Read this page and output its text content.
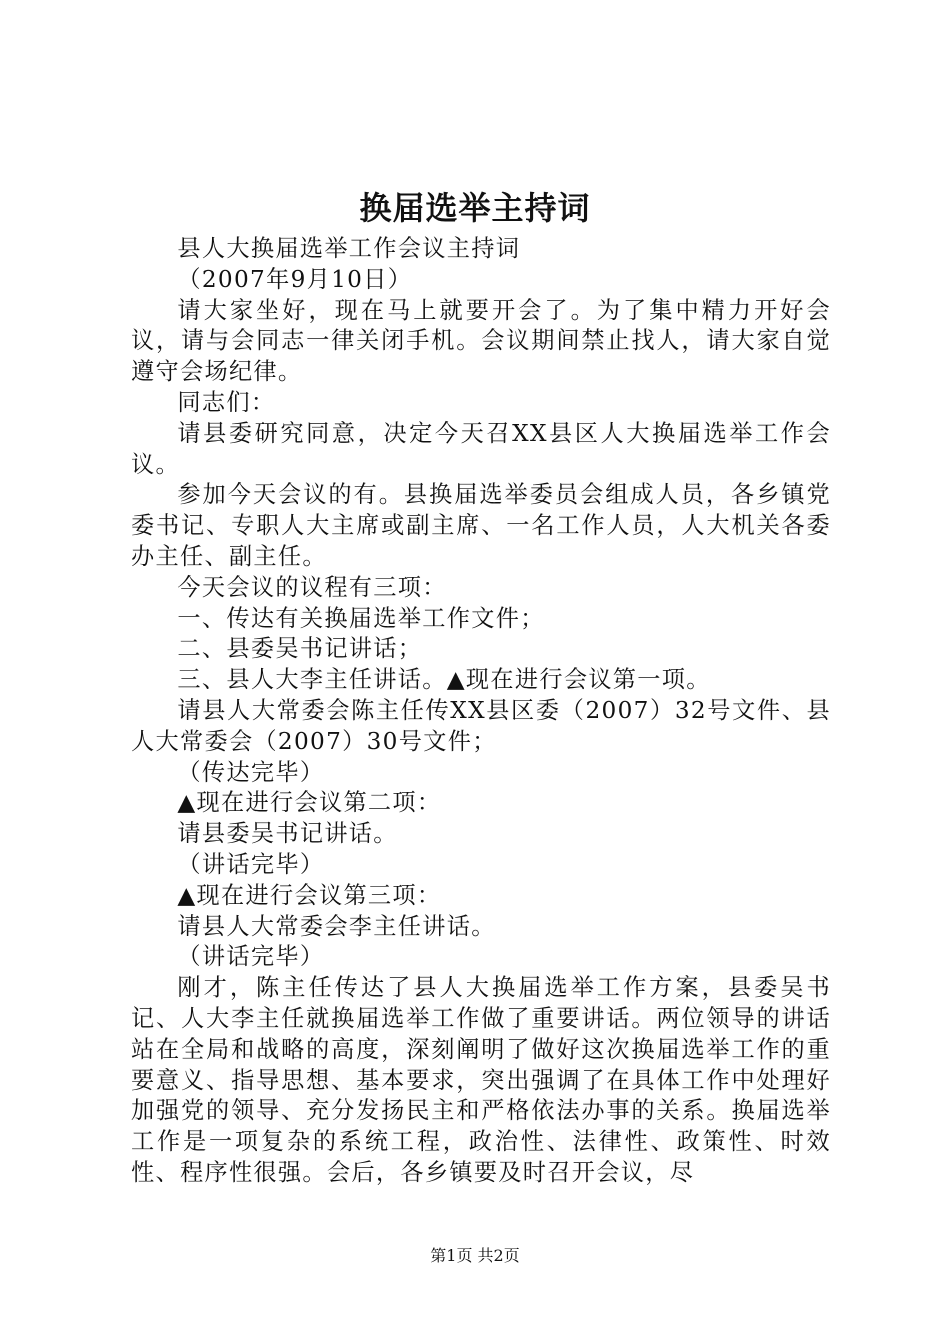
换届选举主持词

县人大换届选举工作会议主持词

（2007年9月10日）

请大家坐好，现在马上就要开会了。为了集中精力开好会议，请与会同志一律关闭手机。会议期间禁止找人，请大家自觉遵守会场纪律。

同志们：

请县委研究同意，决定今天召XX县区人大换届选举工作会议。

参加今天会议的有。县换届选举委员会组成人员，各乡镇党委书记、专职人大主席或副主席、一名工作人员，人大机关各委办主任、副主任。

今天会议的议程有三项：

一、传达有关换届选举工作文件；

二、县委吴书记讲话；

三、县人大李主任讲话。▲现在进行会议第一项。

请县人大常委会陈主任传XX县区委（2007）32号文件、县人大常委会（2007）30号文件；

（传达完毕）

▲现在进行会议第二项：

请县委吴书记讲话。

（讲话完毕）

▲现在进行会议第三项：

请县人大常委会李主任讲话。

（讲话完毕）

刚才，陈主任传达了县人大换届选举工作方案，县委吴书记、人大李主任就换届选举工作做了重要讲话。两位领导的讲话站在全局和战略的高度，深刻阐明了做好这次换届选举工作的重要意义、指导思想、基本要求，突出强调了在具体工作中处理好加强党的领导、充分发扬民主和严格依法办事的关系。换届选举工作是一项复杂的系统工程，政治性、法律性、政策性、时效性、程序性很强。会后，各乡镇要及时召开会议，尽

第1页 共2页
